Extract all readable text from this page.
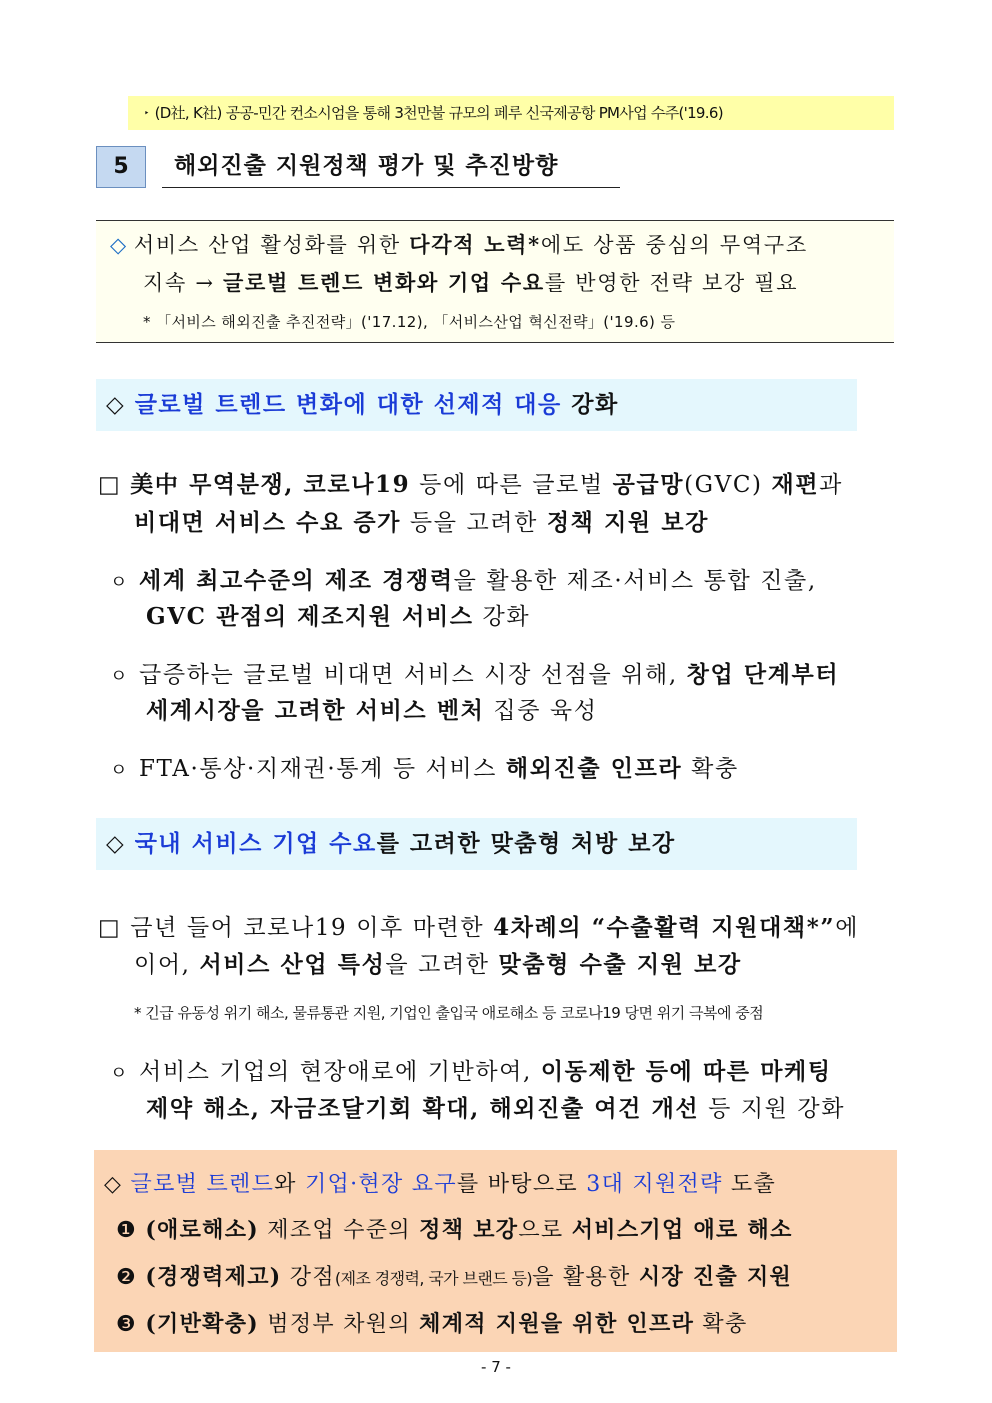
‣ (D社, K社) 공공-민간 컨소시엄을 통해 3천만불 규모의 페루 신국제공항 PM사업 수주('19.6)
5	해외진출 지원정책 평가 및 추진방향
◇ 서비스 산업 활성화를 위한 다각적 노력*에도 상품 중심의 무역구조
지속 → 글로벌 트렌드 변화와 기업 수요를 반영한 전략 보강 필요
* 「서비스 해외진출 추진전략」('17.12), 「서비스산업 혁신전략」('19.6) 등
◇ 글로벌 트렌드 변화에 대한 선제적 대응 강화
□ 美中 무역분쟁, 코로나19 등에 따른 글로벌 공급망(GVC) 재편과
비대면 서비스 수요 증가 등을 고려한 정책 지원 보강
ㅇ 세계 최고수준의 제조 경쟁력을 활용한 제조·서비스 통합 진출,
GVC 관점의 제조지원 서비스 강화
ㅇ 급증하는 글로벌 비대면 서비스 시장 선점을 위해, 창업 단계부터
세계시장을 고려한 서비스 벤처 집중 육성
ㅇ FTA·통상·지재권·통계 등 서비스 해외진출 인프라 확충
◇ 국내 서비스 기업 수요를 고려한 맞춤형 처방 보강
□ 금년 들어 코로나19 이후 마련한 4차례의 “수출활력 지원대책*”에
이어, 서비스 산업 특성을 고려한 맞춤형 수출 지원 보강
* 긴급 유동성 위기 해소, 물류통관 지원, 기업인 출입국 애로해소 등 코로나19 당면 위기 극복에 중점
ㅇ 서비스 기업의 현장애로에 기반하여, 이동제한 등에 따른 마케팅
제약 해소, 자금조달기회 확대, 해외진출 여건 개선 등 지원 강화
◇ 글로벌 트렌드와 기업·현장 요구를 바탕으로 3대 지원전략 도출
❶ (애로해소) 제조업 수준의 정책 보강으로 서비스기업 애로 해소
❷ (경쟁력제고) 강점(제조 경쟁력, 국가 브랜드 등)을 활용한 시장 진출 지원
❸ (기반확충) 범정부 차원의 체계적 지원을 위한 인프라 확충
- 7 -
